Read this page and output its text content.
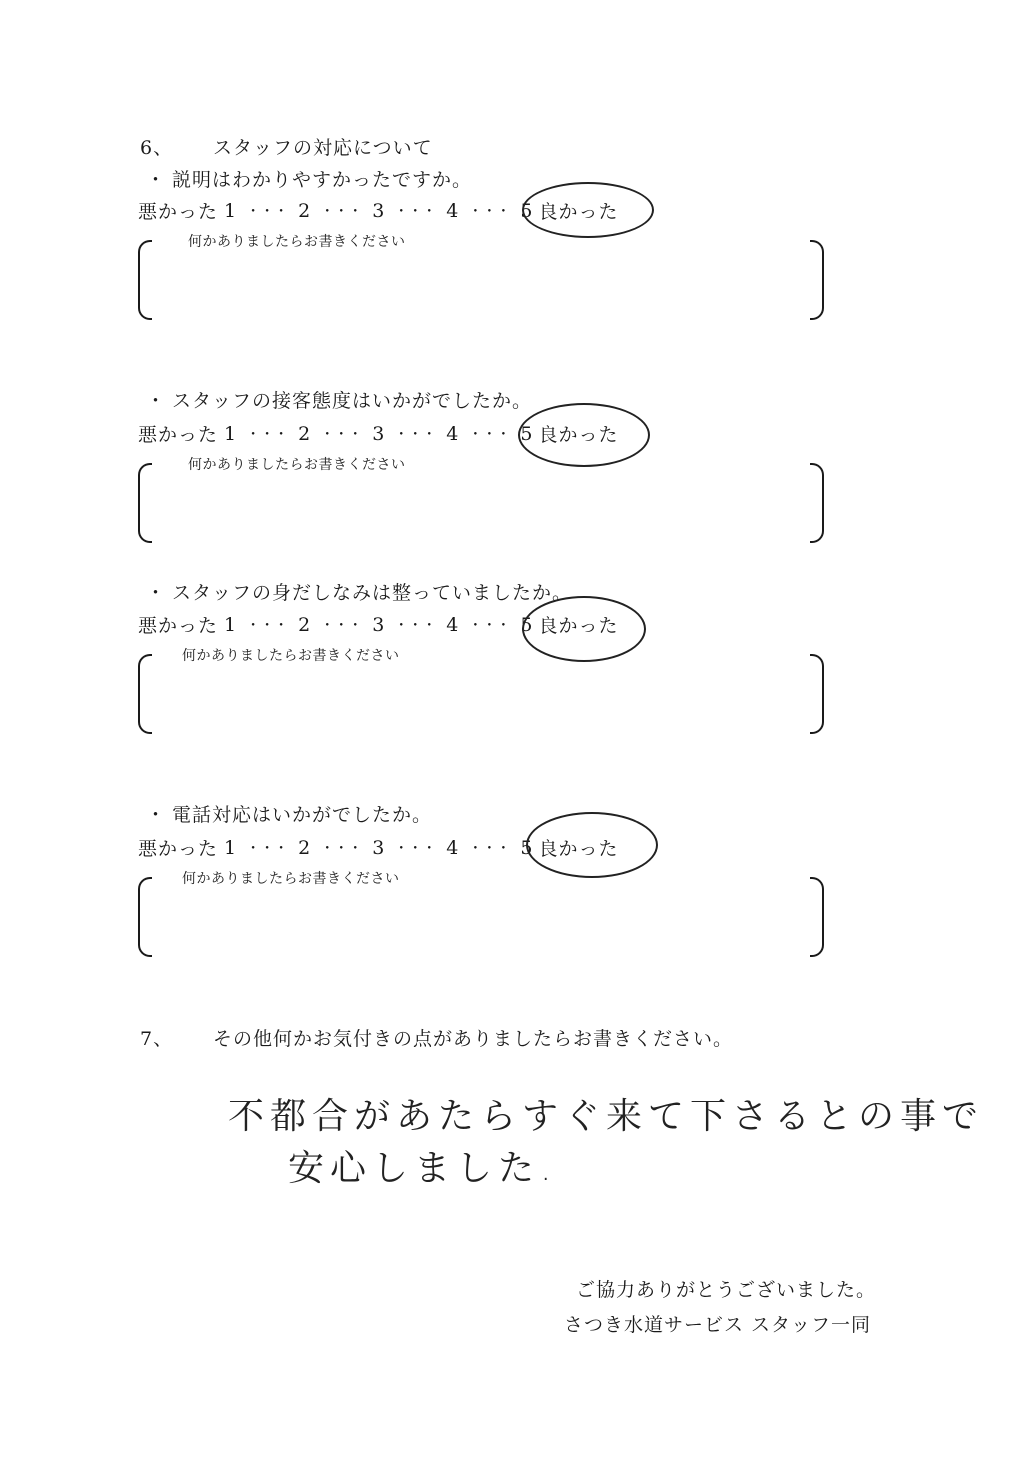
6、 スタッフの対応について
・ 説明はわかりやすかったですか。
悪かった 1 ・・・ 2 ・・・ 3 ・・・ 4 ・・・ 5 良かった
何かありましたらお書きください
・ スタッフの接客態度はいかがでしたか。
悪かった 1 ・・・ 2 ・・・ 3 ・・・ 4 ・・・ 5 良かった
何かありましたらお書きください
・ スタッフの身だしなみは整っていましたか。
悪かった 1 ・・・ 2 ・・・ 3 ・・・ 4 ・・・ 5 良かった
何かありましたらお書きください
・ 電話対応はいかがでしたか。
悪かった 1 ・・・ 2 ・・・ 3 ・・・ 4 ・・・ 5 良かった
何かありましたらお書きください
7、 その他何かお気付きの点がありましたらお書きください。
不都合があたらすぐ来て下さるとの事で
安心しました.
ご協力ありがとうございました。
さつき水道サービス スタッフ一同
